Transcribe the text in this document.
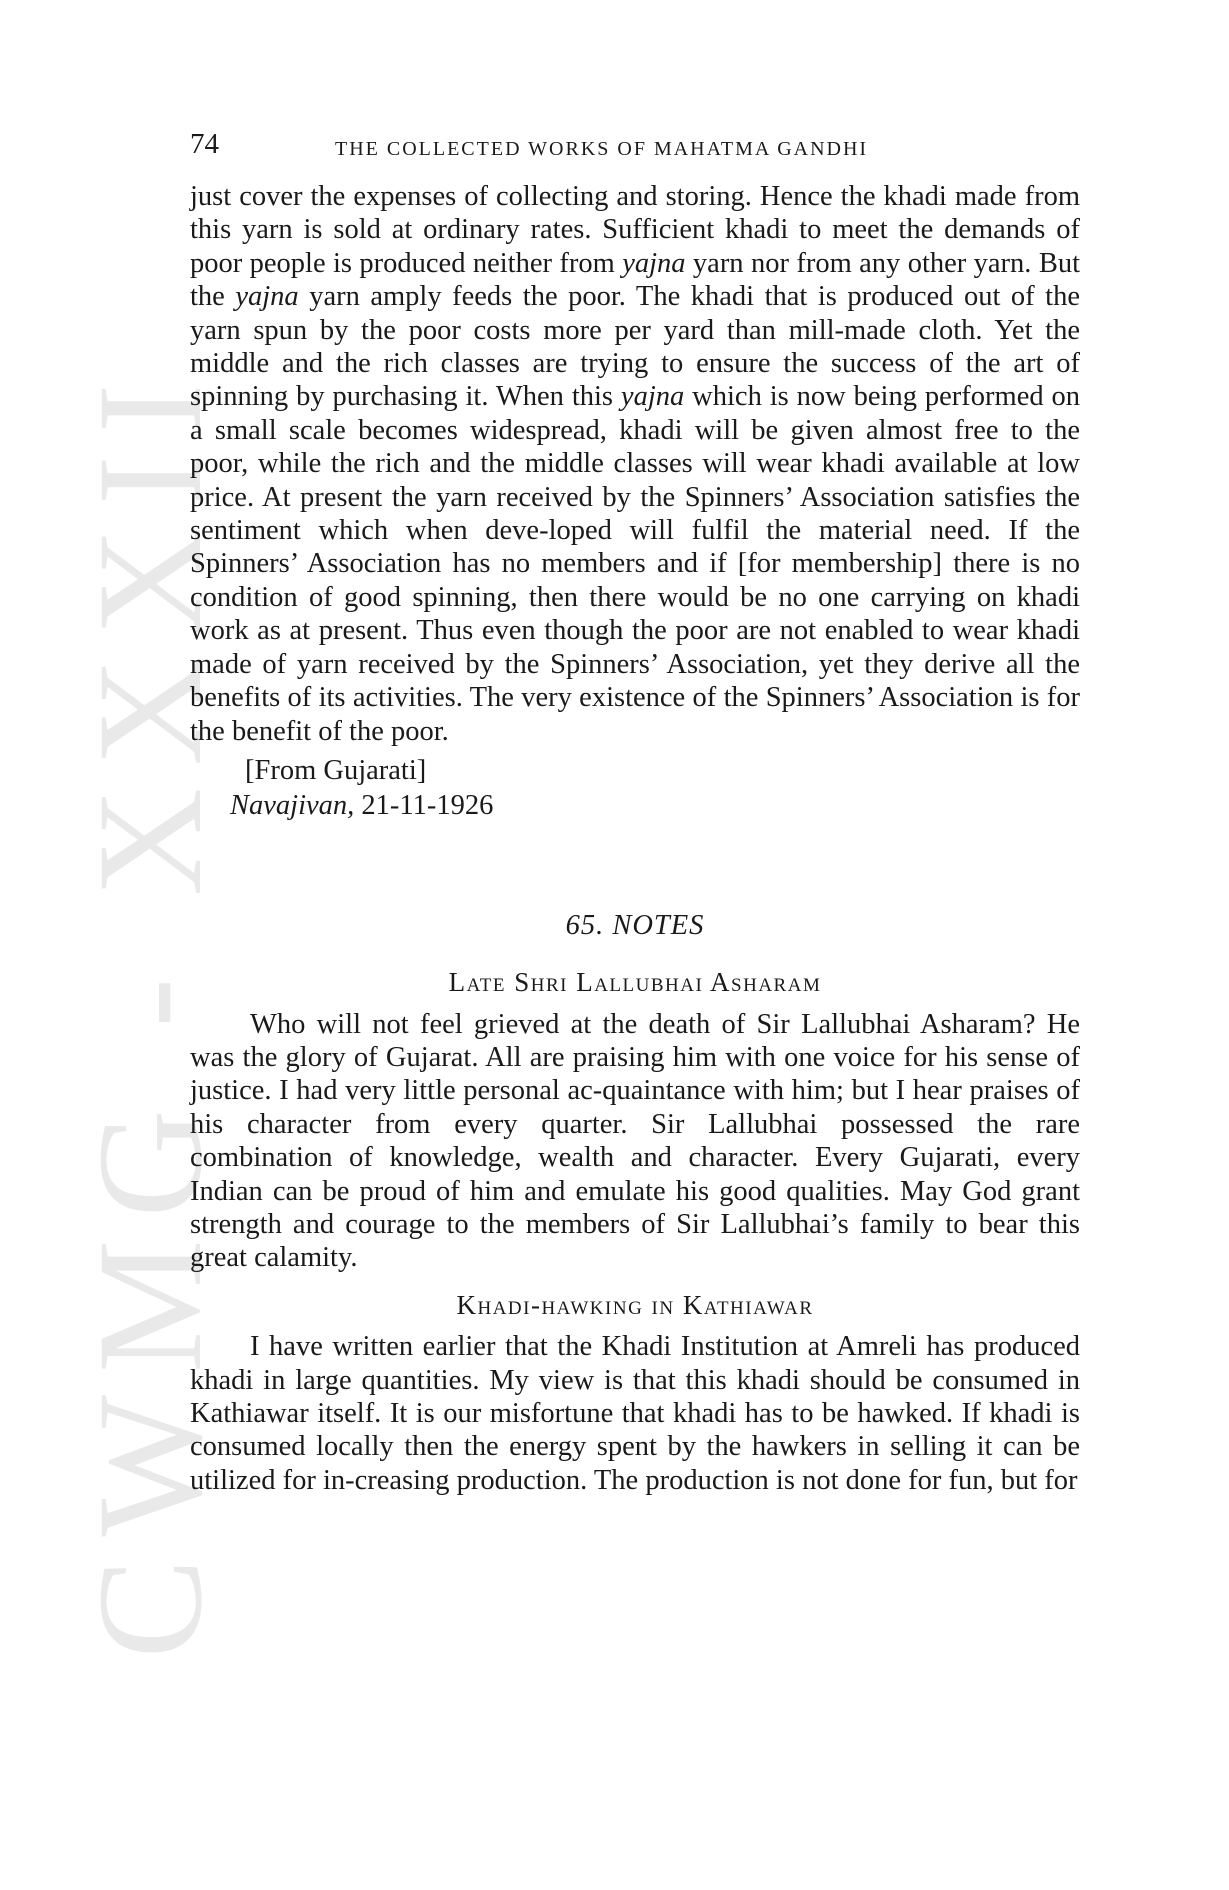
CWMG - XXXII
74	THE COLLECTED WORKS OF MAHATMA GANDHI

just cover the expenses of collecting and storing. Hence the khadi made from this yarn is sold at ordinary rates. Sufficient khadi to meet the demands of poor people is produced neither from yajna yarn nor from any other yarn. But the yajna yarn amply feeds the poor. The khadi that is produced out of the yarn spun by the poor costs more per yard than mill-made cloth. Yet the middle and the rich classes are trying to ensure the success of the art of spinning by purchasing it. When this yajna which is now being performed on a small scale becomes widespread, khadi will be given almost free to the poor, while the rich and the middle classes will wear khadi available at low price. At present the yarn received by the Spinners’ Association satisfies the sentiment which when deve-loped will fulfil the material need. If the Spinners’ Association has no members and if [for membership] there is no condition of good spinning, then there would be no one carrying on khadi work as at present. Thus even though the poor are not enabled to wear khadi made of yarn received by the Spinners’ Association, yet they derive all the benefits of its activities. The very existence of the Spinners’ Association is for the benefit of the poor.

[From Gujarati]
Navajivan, 21-11-1926
65. NOTES
Late Shri Lallubhai Asharam

Who will not feel grieved at the death of Sir Lallubhai Asharam? He was the glory of Gujarat. All are praising him with one voice for his sense of justice. I had very little personal ac-quaintance with him; but I hear praises of his character from every quarter. Sir Lallubhai possessed the rare combination of knowledge, wealth and character. Every Gujarati, every Indian can be proud of him and emulate his good qualities. May God grant strength and courage to the members of Sir Lallubhai’s family to bear this great calamity.

Khadi-hawking in Kathiawar

I have written earlier that the Khadi Institution at Amreli has produced khadi in large quantities. My view is that this khadi should be consumed in Kathiawar itself. It is our misfortune that khadi has to be hawked. If khadi is consumed locally then the energy spent by the hawkers in selling it can be utilized for in-creasing production. The production is not done for fun, but for
